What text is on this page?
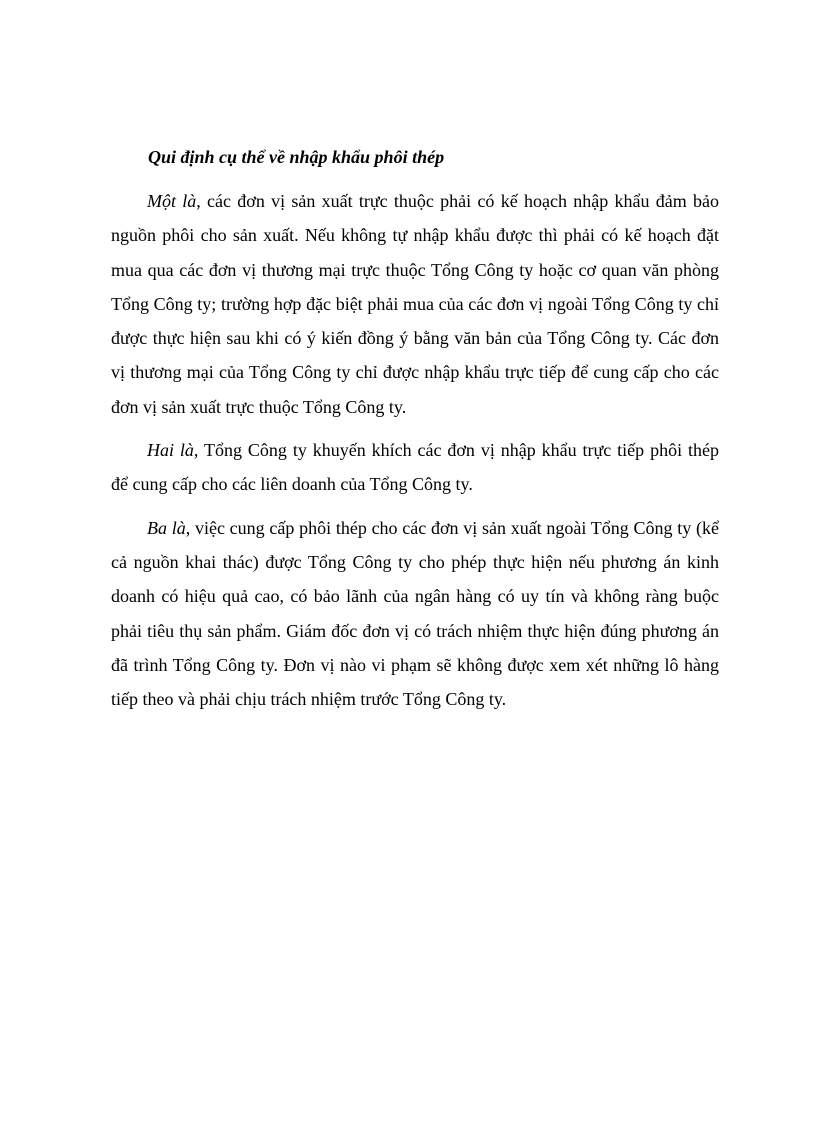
Qui định cụ thể về nhập khẩu phôi thép

Một là, các đơn vị sản xuất trực thuộc phải có kế hoạch nhập khẩu đảm bảo nguồn phôi cho sản xuất. Nếu không tự nhập khẩu được thì phải có kế hoạch đặt mua qua các đơn vị thương mại trực thuộc Tổng Công ty hoặc cơ quan văn phòng Tổng Công ty; trường hợp đặc biệt phải mua của các đơn vị ngoài Tổng Công ty chỉ được thực hiện sau khi có ý kiến đồng ý bằng văn bản của Tổng Công ty. Các đơn vị thương mại của Tổng Công ty chỉ được nhập khẩu trực tiếp để cung cấp cho các đơn vị sản xuất trực thuộc Tổng Công ty.

Hai là, Tổng Công ty khuyến khích các đơn vị nhập khẩu trực tiếp phôi thép để cung cấp cho các liên doanh của Tổng Công ty.

Ba là, việc cung cấp phôi thép cho các đơn vị sản xuất ngoài Tổng Công ty (kể cả nguồn khai thác) được Tổng Công ty cho phép thực hiện nếu phương án kinh doanh có hiệu quả cao, có bảo lãnh của ngân hàng có uy tín và không ràng buộc phải tiêu thụ sản phẩm. Giám đốc đơn vị có trách nhiệm thực hiện đúng phương án đã trình Tổng Công ty. Đơn vị nào vi phạm sẽ không được xem xét những lô hàng tiếp theo và phải chịu trách nhiệm trước Tổng Công ty.
